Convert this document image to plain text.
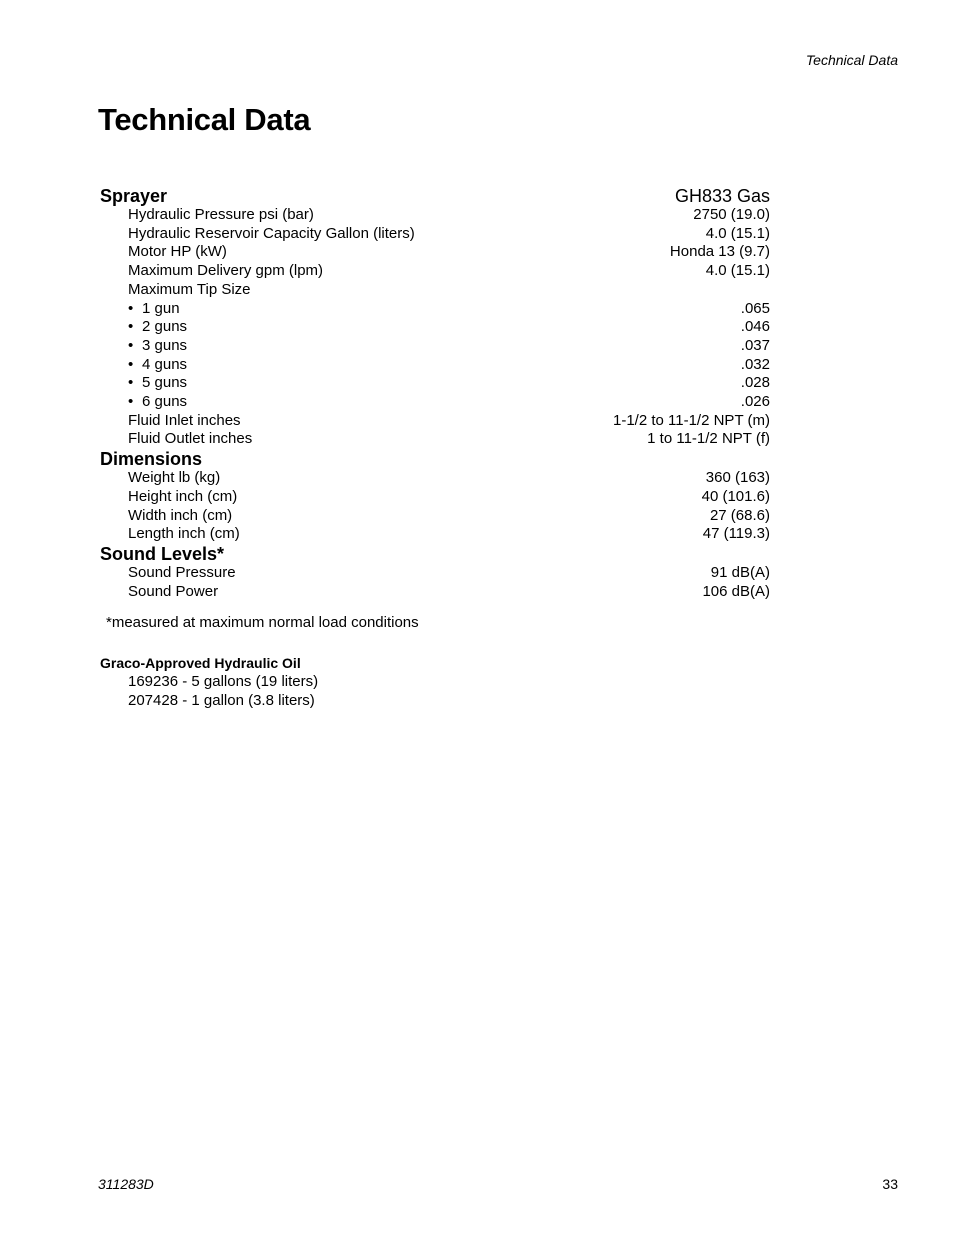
Technical Data
Technical Data
Sprayer	GH833 Gas
Hydraulic Pressure psi (bar)	2750 (19.0)
Hydraulic Reservoir Capacity Gallon (liters)	4.0 (15.1)
Motor HP (kW)	Honda 13 (9.7)
Maximum Delivery gpm (lpm)	4.0 (15.1)
Maximum Tip Size
• 1 gun	.065
• 2 guns	.046
• 3 guns	.037
• 4 guns	.032
• 5 guns	.028
• 6 guns	.026
Fluid Inlet inches	1-1/2 to 11-1/2 NPT (m)
Fluid Outlet inches	1 to 11-1/2 NPT (f)
Dimensions
Weight lb (kg)	360 (163)
Height inch (cm)	40 (101.6)
Width inch (cm)	27 (68.6)
Length inch (cm)	47 (119.3)
Sound Levels*
Sound Pressure	91 dB(A)
Sound Power	106 dB(A)
*measured at maximum normal load conditions
Graco-Approved Hydraulic Oil
169236 - 5 gallons (19 liters)
207428 - 1 gallon (3.8 liters)
311283D	33
